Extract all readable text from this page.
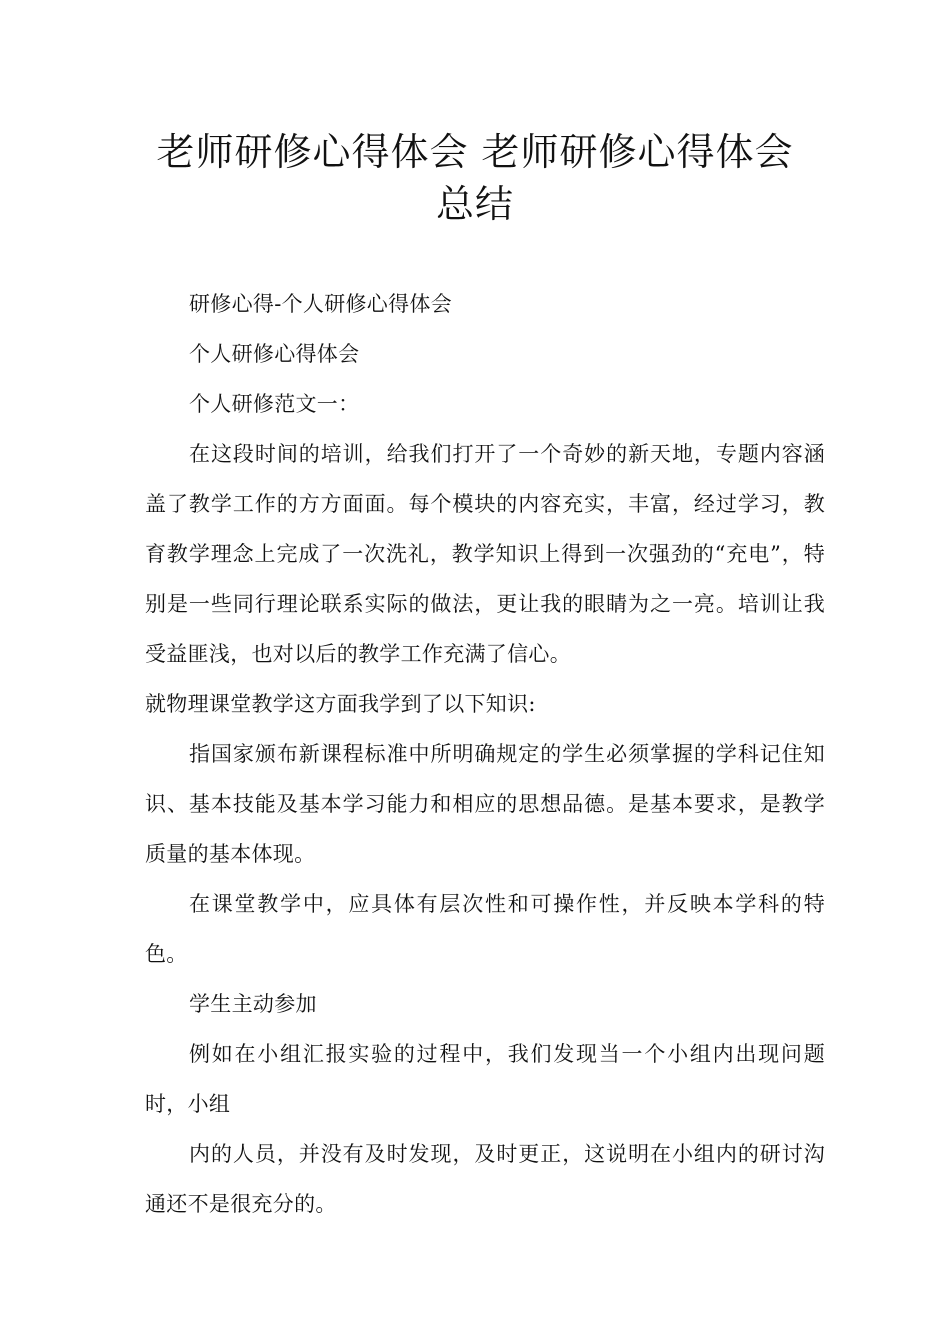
老师研修心得体会 老师研修心得体会
总结

研修心得-个人研修心得体会

个人研修心得体会

个人研修范文一：

在这段时间的培训，给我们打开了一个奇妙的新天地，专题内容涵盖了教学工作的方方面面。每个模块的内容充实，丰富，经过学习，教育教学理念上完成了一次洗礼，教学知识上得到一次强劲的“充电”，特别是一些同行理论联系实际的做法，更让我的眼睛为之一亮。培训让我受益匪浅，也对以后的教学工作充满了信心。

就物理课堂教学这方面我学到了以下知识:

指国家颁布新课程标准中所明确规定的学生必须掌握的学科记住知识、基本技能及基本学习能力和相应的思想品德。是基本要求，是教学质量的基本体现。

在课堂教学中，应具体有层次性和可操作性，并反映本学科的特色。

学生主动参加

例如在小组汇报实验的过程中，我们发现当一个小组内出现问题时，小组

内的人员，并没有及时发现，及时更正，这说明在小组内的研讨沟通还不是很充分的。
